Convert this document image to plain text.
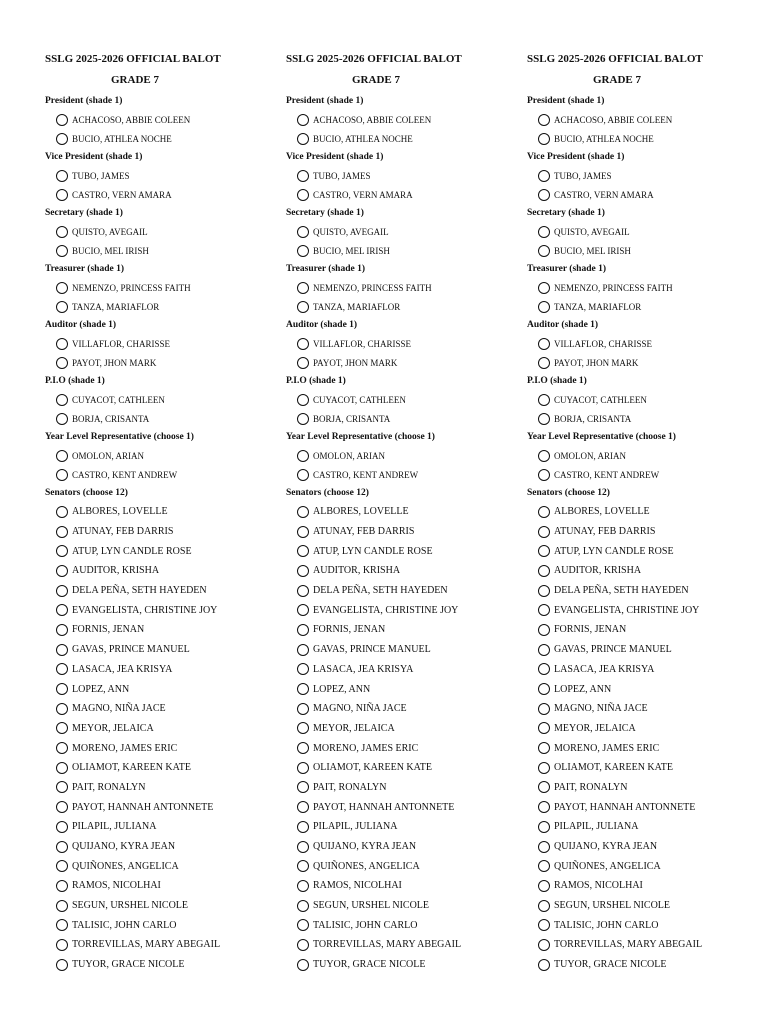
SSLG 2025-2026 OFFICIAL BALOT
GRADE 7
President (shade 1)
ACHACOSO, ABBIE COLEEN
BUCIO, ATHLEA NOCHE
Vice President (shade 1)
TUBO, JAMES
CASTRO, VERN AMARA
Secretary (shade 1)
QUISTO, AVEGAIL
BUCIO, MEL IRISH
Treasurer (shade 1)
NEMENZO, PRINCESS FAITH
TANZA, MARIAFLOR
Auditor (shade 1)
VILLAFLOR, CHARISSE
PAYOT, JHON MARK
P.I.O (shade 1)
CUYACOT, CATHLEEN
BORJA, CRISANTA
Year Level Representative (choose 1)
OMOLON, ARIAN
CASTRO, KENT ANDREW
Senators (choose 12)
ALBORES, LOVELLE
ATUNAY, FEB DARRIS
ATUP, LYN CANDLE ROSE
AUDITOR, KRISHA
DELA PEÑA, SETH HAYEDEN
EVANGELISTA, CHRISTINE JOY
FORNIS, JENAN
GAVAS, PRINCE MANUEL
LASACA, JEA KRISYA
LOPEZ, ANN
MAGNO, NIÑA JACE
MEYOR, JELAICA
MORENO, JAMES ERIC
OLIAMOT, KAREEN KATE
PAIT, RONALYN
PAYOT, HANNAH ANTONNETE
PILAPIL, JULIANA
QUIJANO, KYRA JEAN
QUIÑONES, ANGELICA
RAMOS, NICOLHAI
SEGUN, URSHEL NICOLE
TALISIC, JOHN CARLO
TORREVILLAS, MARY ABEGAIL
TUYOR, GRACE NICOLE
SSLG 2025-2026 OFFICIAL BALOT
GRADE 7
President (shade 1)
ACHACOSO, ABBIE COLEEN
BUCIO, ATHLEA NOCHE
Vice President (shade 1)
TUBO, JAMES
CASTRO, VERN AMARA
Secretary (shade 1)
QUISTO, AVEGAIL
BUCIO, MEL IRISH
Treasurer (shade 1)
NEMENZO, PRINCESS FAITH
TANZA, MARIAFLOR
Auditor (shade 1)
VILLAFLOR, CHARISSE
PAYOT, JHON MARK
P.I.O (shade 1)
CUYACOT, CATHLEEN
BORJA, CRISANTA
Year Level Representative (choose 1)
OMOLON, ARIAN
CASTRO, KENT ANDREW
Senators (choose 12)
ALBORES, LOVELLE
ATUNAY, FEB DARRIS
ATUP, LYN CANDLE ROSE
AUDITOR, KRISHA
DELA PEÑA, SETH HAYEDEN
EVANGELISTA, CHRISTINE JOY
FORNIS, JENAN
GAVAS, PRINCE MANUEL
LASACA, JEA KRISYA
LOPEZ, ANN
MAGNO, NIÑA JACE
MEYOR, JELAICA
MORENO, JAMES ERIC
OLIAMOT, KAREEN KATE
PAIT, RONALYN
PAYOT, HANNAH ANTONNETE
PILAPIL, JULIANA
QUIJANO, KYRA JEAN
QUIÑONES, ANGELICA
RAMOS, NICOLHAI
SEGUN, URSHEL NICOLE
TALISIC, JOHN CARLO
TORREVILLAS, MARY ABEGAIL
TUYOR, GRACE NICOLE
SSLG 2025-2026 OFFICIAL BALOT
GRADE 7
President (shade 1)
ACHACOSO, ABBIE COLEEN
BUCIO, ATHLEA NOCHE
Vice President (shade 1)
TUBO, JAMES
CASTRO, VERN AMARA
Secretary (shade 1)
QUISTO, AVEGAIL
BUCIO, MEL IRISH
Treasurer (shade 1)
NEMENZO, PRINCESS FAITH
TANZA, MARIAFLOR
Auditor (shade 1)
VILLAFLOR, CHARISSE
PAYOT, JHON MARK
P.I.O (shade 1)
CUYACOT, CATHLEEN
BORJA, CRISANTA
Year Level Representative (choose 1)
OMOLON, ARIAN
CASTRO, KENT ANDREW
Senators (choose 12)
ALBORES, LOVELLE
ATUNAY, FEB DARRIS
ATUP, LYN CANDLE ROSE
AUDITOR, KRISHA
DELA PEÑA, SETH HAYEDEN
EVANGELISTA, CHRISTINE JOY
FORNIS, JENAN
GAVAS, PRINCE MANUEL
LASACA, JEA KRISYA
LOPEZ, ANN
MAGNO, NIÑA JACE
MEYOR, JELAICA
MORENO, JAMES ERIC
OLIAMOT, KAREEN KATE
PAIT, RONALYN
PAYOT, HANNAH ANTONNETE
PILAPIL, JULIANA
QUIJANO, KYRA JEAN
QUIÑONES, ANGELICA
RAMOS, NICOLHAI
SEGUN, URSHEL NICOLE
TALISIC, JOHN CARLO
TORREVILLAS, MARY ABEGAIL
TUYOR, GRACE NICOLE
